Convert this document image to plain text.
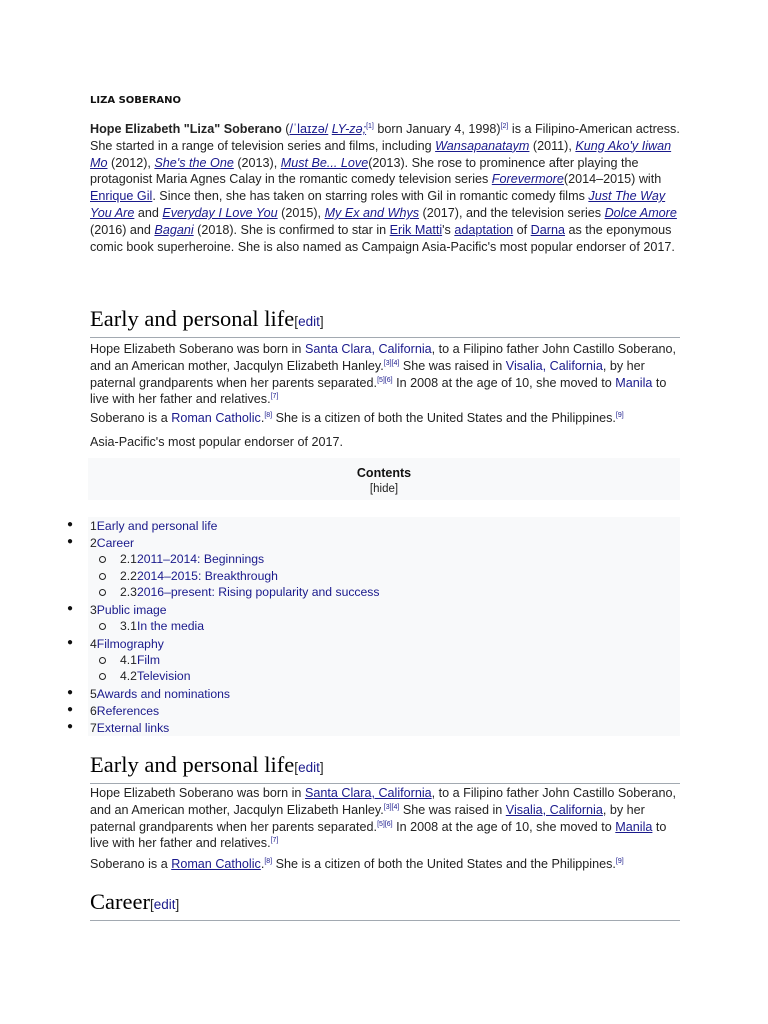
LIZA SOBERANO

Hope Elizabeth "Liza" Soberano (/ˈlaɪzə/ LY-zə;[1] born January 4, 1998)[2] is a Filipino-American actress. She started in a range of television series and films, including Wansapanataym (2011), Kung Ako'y Iiwan Mo (2012), She's the One (2013), Must Be... Love(2013). She rose to prominence after playing the protagonist Maria Agnes Calay in the romantic comedy television series Forevermore(2014–2015) with Enrique Gil. Since then, she has taken on starring roles with Gil in romantic comedy films Just The Way You Are and Everyday I Love You (2015), My Ex and Whys (2017), and the television series Dolce Amore (2016) and Bagani (2018). She is confirmed to star in Erik Matti's adaptation of Darna as the eponymous comic book superheroine. She is also named as Campaign Asia-Pacific's most popular endorser of 2017.

Early and personal life[edit]

Hope Elizabeth Soberano was born in Santa Clara, California, to a Filipino father John Castillo Soberano, and an American mother, Jacqulyn Elizabeth Hanley.[3][4] She was raised in Visalia, California, by her paternal grandparents when her parents separated.[5][6] In 2008 at the age of 10, she moved to Manila to live with her father and relatives.[7]

Soberano is a Roman Catholic.[8] She is a citizen of both the United States and the Philippines.[9]

Asia-Pacific's most popular endorser of 2017.

Contents
[hide]
● 1Early and personal life
● 2Career
2.12011–2014: Beginnings
2.22014–2015: Breakthrough
2.32016–present: Rising popularity and success
● 3Public image
3.1In the media
● 4Filmography
4.1Film
4.2Television
● 5Awards and nominations
● 6References
● 7External links
Early and personal life[edit]

Hope Elizabeth Soberano was born in Santa Clara, California, to a Filipino father John Castillo Soberano, and an American mother, Jacqulyn Elizabeth Hanley.[3][4] She was raised in Visalia, California, by her paternal grandparents when her parents separated.[5][6] In 2008 at the age of 10, she moved to Manila to live with her father and relatives.[7]

Soberano is a Roman Catholic.[8] She is a citizen of both the United States and the Philippines.[9]

Career[edit]
